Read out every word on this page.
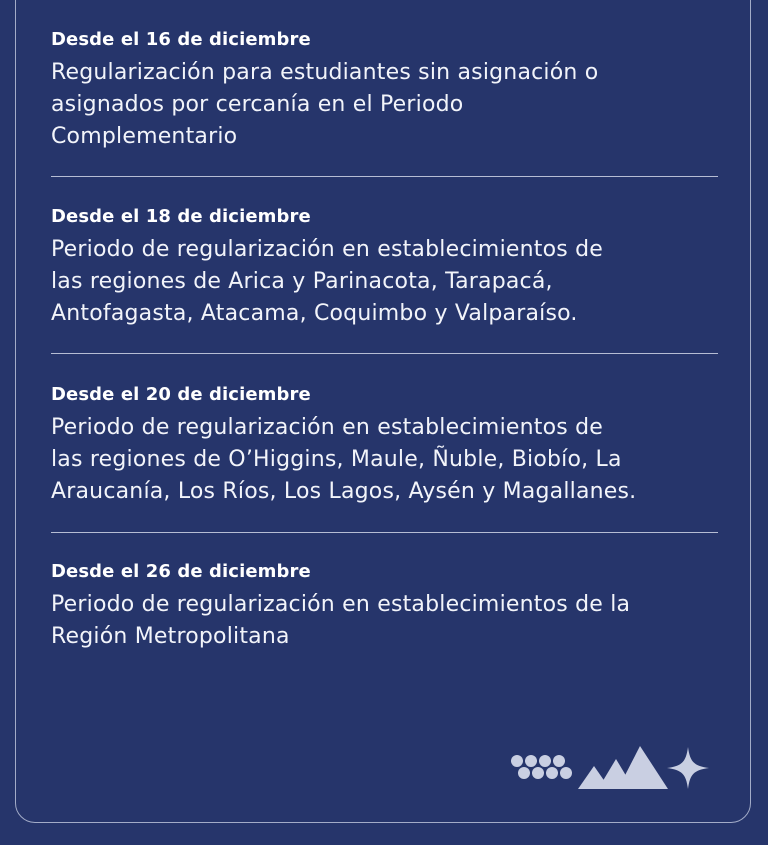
Desde el 16 de diciembre

Regularización para estudiantes sin asignación o
asignados por cercanía en el Periodo
Complementario

Desde el 18 de diciembre

Periodo de regularización en establecimientos de
las regiones de Arica y Parinacota, Tarapacá,
Antofagasta, Atacama, Coquimbo y Valparaíso.

Desde el 20 de diciembre

Periodo de regularización en establecimientos de
las regiones de O’Higgins, Maule, Ñuble, Biobío, La
Araucanía, Los Ríos, Los Lagos, Aysén y Magallanes.

Desde el 26 de diciembre

Periodo de regularización en establecimientos de la
Región Metropolitana
